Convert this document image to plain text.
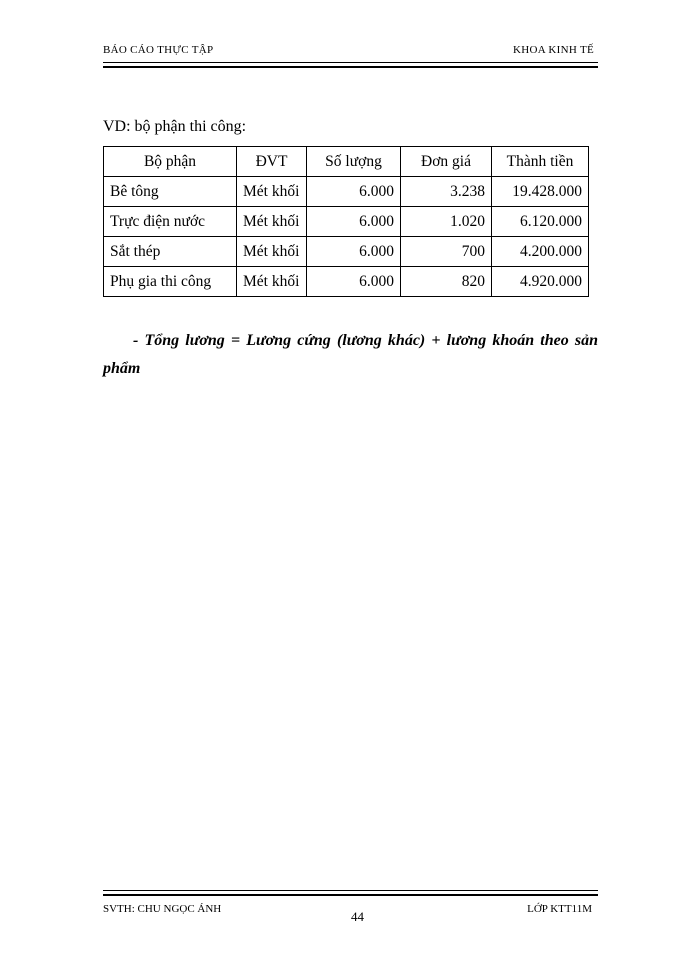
BÁO CÁO THỰC TẬP	KHOA KINH TẾ
VD: bộ phận thi công:
Bộ phận	ĐVT	Số lượng	Đơn giá	Thành tiền
Bê tông	Mét khối	6.000	3.238	19.428.000
Trực điện nước	Mét khối	6.000	1.020	6.120.000
Sắt thép	Mét khối	6.000	700	4.200.000
Phụ gia thi công	Mét khối	6.000	820	4.920.000
- Tổng lương = Lương cứng (lương khác) + lương khoán theo sản
phẩm
SVTH: CHU NGỌC ÁNH	44	LỚP KTT11M
